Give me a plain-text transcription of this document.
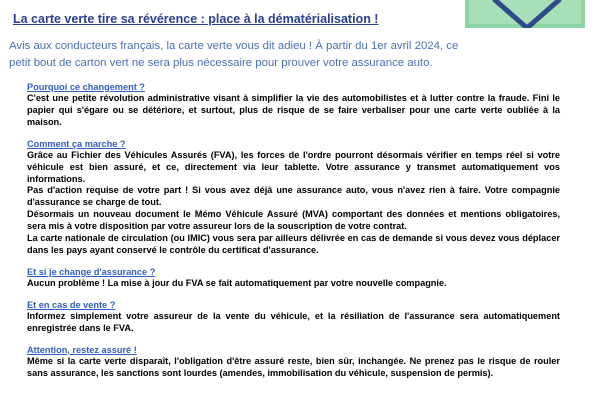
La carte verte tire sa révérence : place à la dématérialisation !
Avis aux conducteurs français, la carte verte vous dit adieu ! À partir du 1er avril 2024, ce petit bout de carton vert ne sera plus nécessaire pour prouver votre assurance auto.
Pourquoi ce changement ?
C'est une petite révolution administrative visant à simplifier la vie des automobilistes et à lutter contre la fraude. Fini le papier qui s'égare ou se détériore, et surtout, plus de risque de se faire verbaliser pour une carte verte oubliée à la maison.
Comment ça marche ?
Grâce au Fichier des Véhicules Assurés (FVA), les forces de l'ordre pourront désormais vérifier en temps réel si votre véhicule est bien assuré, et ce, directement via leur tablette. Votre assurance y transmet automatiquement vos informations.
Pas d'action requise de votre part ! Si vous avez déjà une assurance auto, vous n'avez rien à faire. Votre compagnie d'assurance se charge de tout.
Désormais un nouveau document le Mémo Véhicule Assuré (MVA) comportant des données et mentions obligatoires, sera mis à votre disposition par votre assureur lors de la souscription de votre contrat.
La carte nationale de circulation (ou IMIC) vous sera par ailleurs délivrée en cas de demande si vous devez vous déplacer dans les pays ayant conservé le contrôle du certificat d'assurance.
Et si je change d'assurance ?
Aucun problème ! La mise à jour du FVA se fait automatiquement par votre nouvelle compagnie.
Et en cas de vente ?
Informez simplement votre assureur de la vente du véhicule, et la résiliation de l'assurance sera automatiquement enregistrée dans le FVA.
Attention, restez assuré !
Même si la carte verte disparaît, l'obligation d'être assuré reste, bien sûr, inchangée. Ne prenez pas le risque de rouler sans assurance, les sanctions sont lourdes (amendes, immobilisation du véhicule, suspension de permis).
